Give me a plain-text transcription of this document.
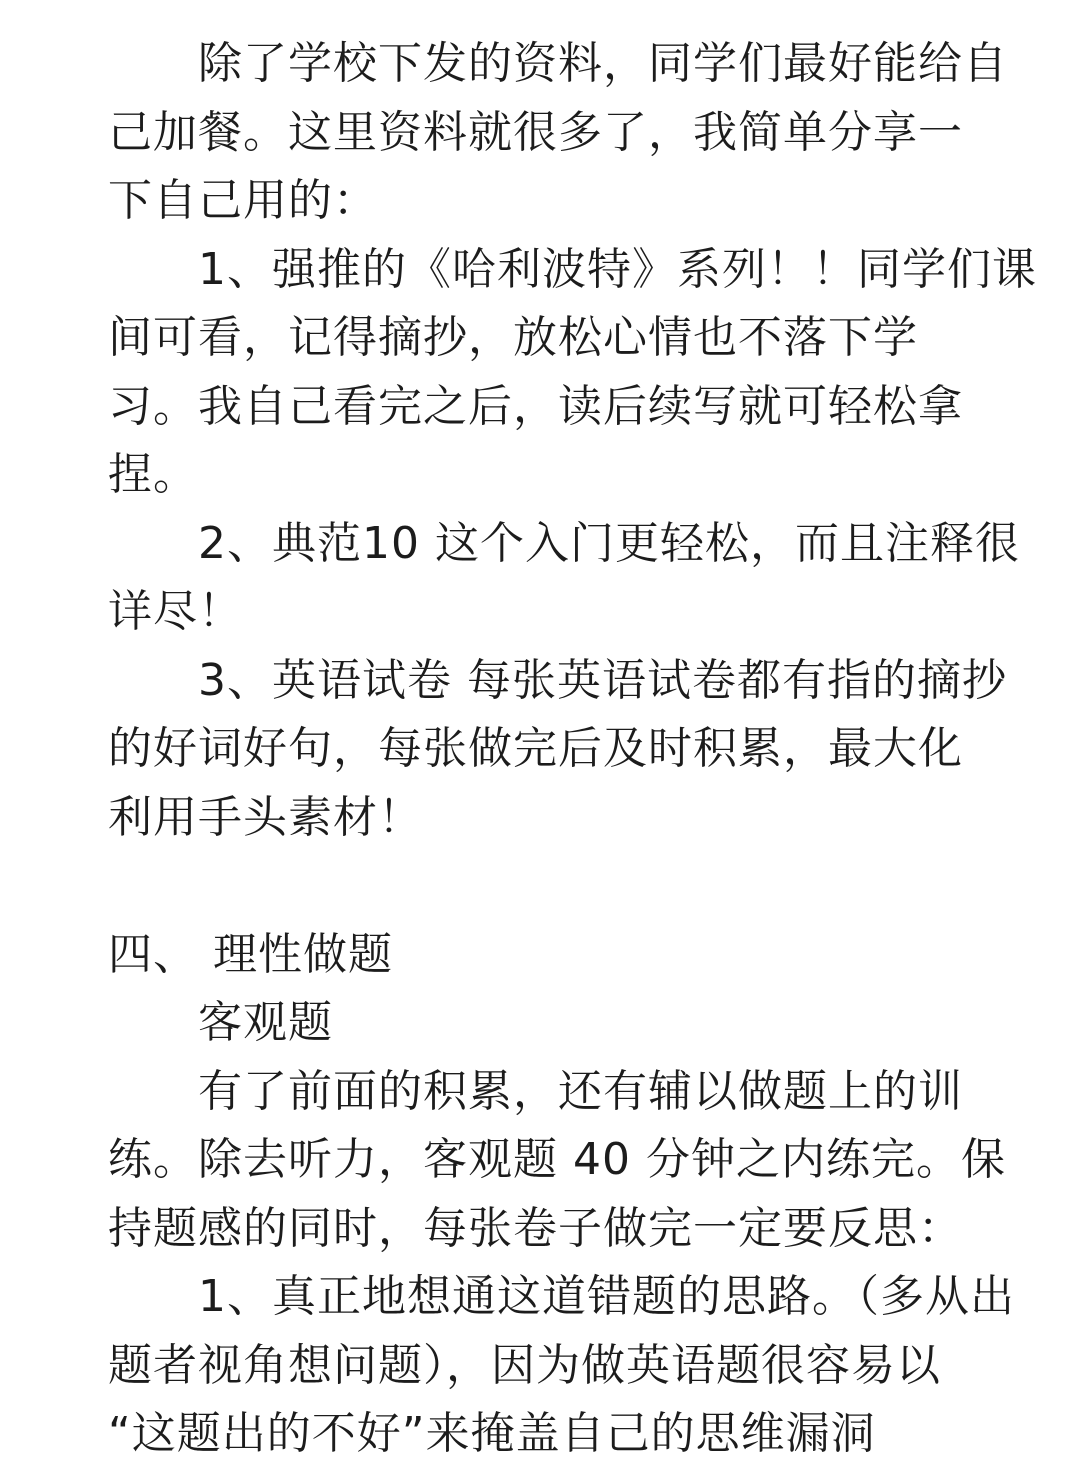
　　除了学校下发的资料，同学们最好能给自
己加餐。这里资料就很多了，我简单分享一
下自己用的：
　　1、强推的《哈利波特》系列！！同学们课
间可看，记得摘抄，放松心情也不落下学
习。我自己看完之后，读后续写就可轻松拿
捏。
　　2、典范10 这个入门更轻松，而且注释很
详尽！
　　3、英语试卷 每张英语试卷都有指的摘抄
的好词好句，每张做完后及时积累，最大化
利用手头素材！
四、 理性做题
　　客观题
　　有了前面的积累，还有辅以做题上的训
练。除去听力，客观题 40 分钟之内练完。保
持题感的同时，每张卷子做完一定要反思：
　　1、真正地想通这道错题的思路。（多从出
题者视角想问题），因为做英语题很容易以
“这题出的不好”来掩盖自己的思维漏洞
